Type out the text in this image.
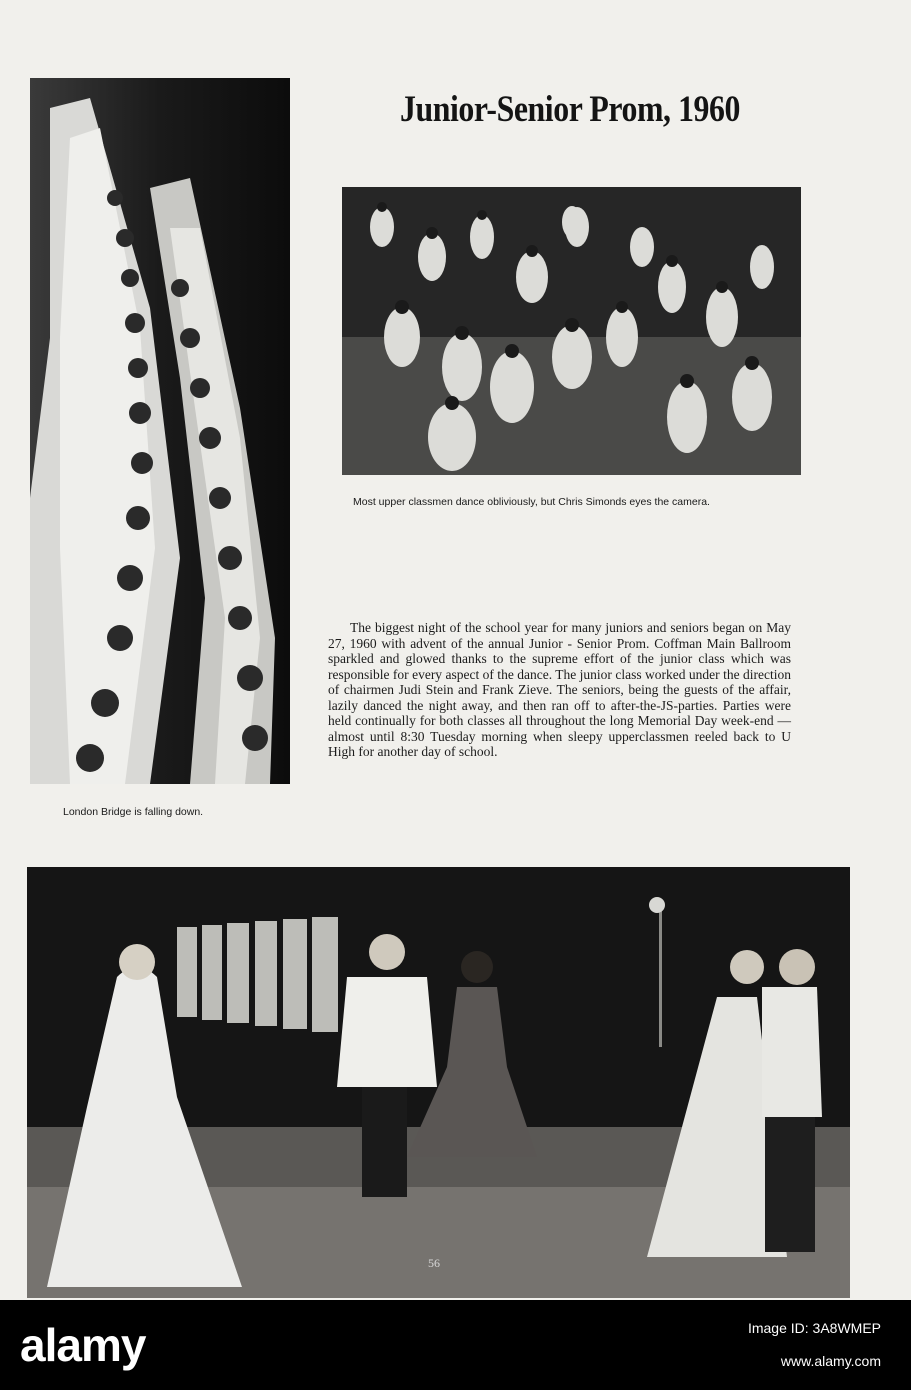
Junior-Senior Prom, 1960
Most upper classmen dance obliviously, but Chris Simonds eyes the camera.

The biggest night of the school year for many juniors and seniors began on May 27, 1960 with advent of the annual Junior - Senior Prom. Coffman Main Ballroom sparkled and glowed thanks to the supreme effort of the junior class which was responsible for every aspect of the dance. The junior class worked under the direction of chairmen Judi Stein and Frank Zieve. The seniors, being the guests of the affair, lazily danced the night away, and then ran off to after-the-JS-parties. Parties were held continually for both classes all throughout the long Memorial Day week-end — almost until 8:30 Tuesday morning when sleepy upperclassmen reeled back to U High for another day of school.

London Bridge is falling down.
56
alamy	Image ID: 3A8WMEP
www.alamy.com
